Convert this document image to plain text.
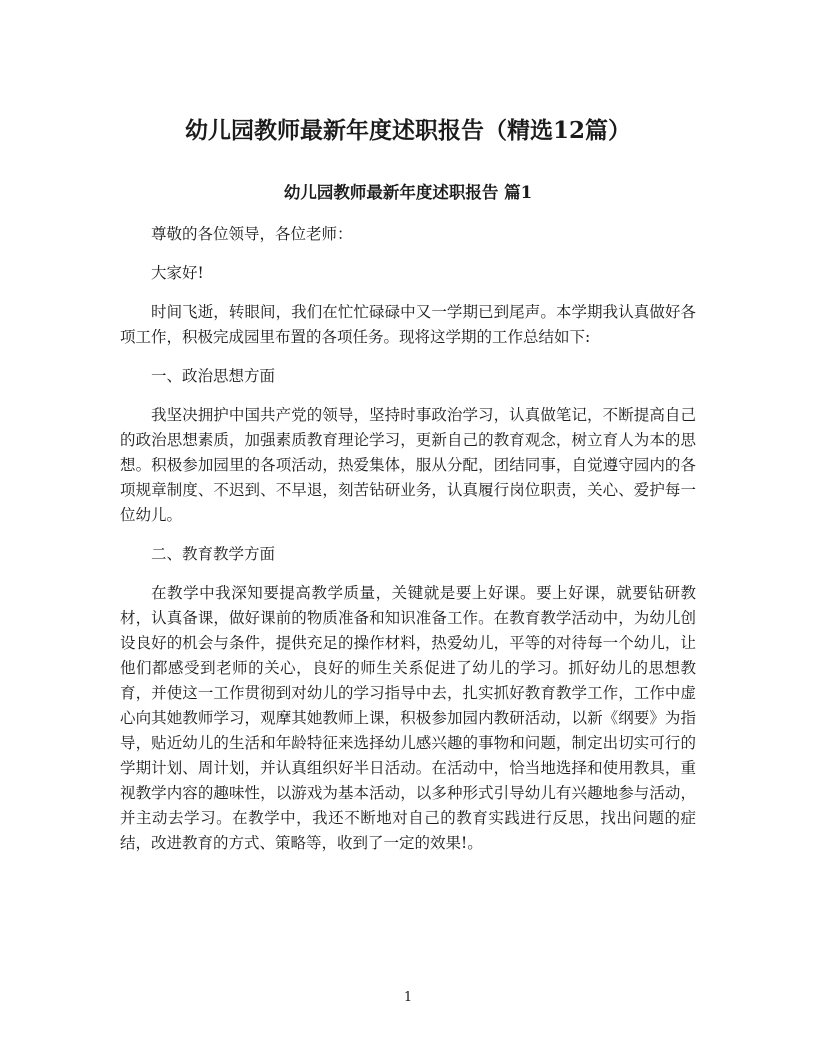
幼儿园教师最新年度述职报告（精选12篇）
幼儿园教师最新年度述职报告 篇1

尊敬的各位领导，各位老师：

大家好!

时间飞逝，转眼间，我们在忙忙碌碌中又一学期已到尾声。本学期我认真做好各项工作，积极完成园里布置的各项任务。现将这学期的工作总结如下:

一、政治思想方面

我坚决拥护中国共产党的领导，坚持时事政治学习，认真做笔记，不断提高自己的政治思想素质，加强素质教育理论学习，更新自己的教育观念，树立育人为本的思想。积极参加园里的各项活动，热爱集体，服从分配，团结同事，自觉遵守园内的各项规章制度、不迟到、不早退，刻苦钻研业务，认真履行岗位职责，关心、爱护每一位幼儿。

二、教育教学方面

在教学中我深知要提高教学质量，关键就是要上好课。要上好课，就要钻研教材，认真备课，做好课前的物质准备和知识准备工作。在教育教学活动中，为幼儿创设良好的机会与条件，提供充足的操作材料，热爱幼儿，平等的对待每一个幼儿，让他们都感受到老师的关心，良好的师生关系促进了幼儿的学习。抓好幼儿的思想教育，并使这一工作贯彻到对幼儿的学习指导中去，扎实抓好教育教学工作，工作中虚心向其她教师学习，观摩其她教师上课，积极参加园内教研活动，以新《纲要》为指导，贴近幼儿的生活和年龄特征来选择幼儿感兴趣的事物和问题，制定出切实可行的学期计划、周计划，并认真组织好半日活动。在活动中，恰当地选择和使用教具，重视教学内容的趣味性，以游戏为基本活动，以多种形式引导幼儿有兴趣地参与活动，并主动去学习。在教学中，我还不断地对自己的教育实践进行反思，找出问题的症结，改进教育的方式、策略等，收到了一定的效果!。

1
